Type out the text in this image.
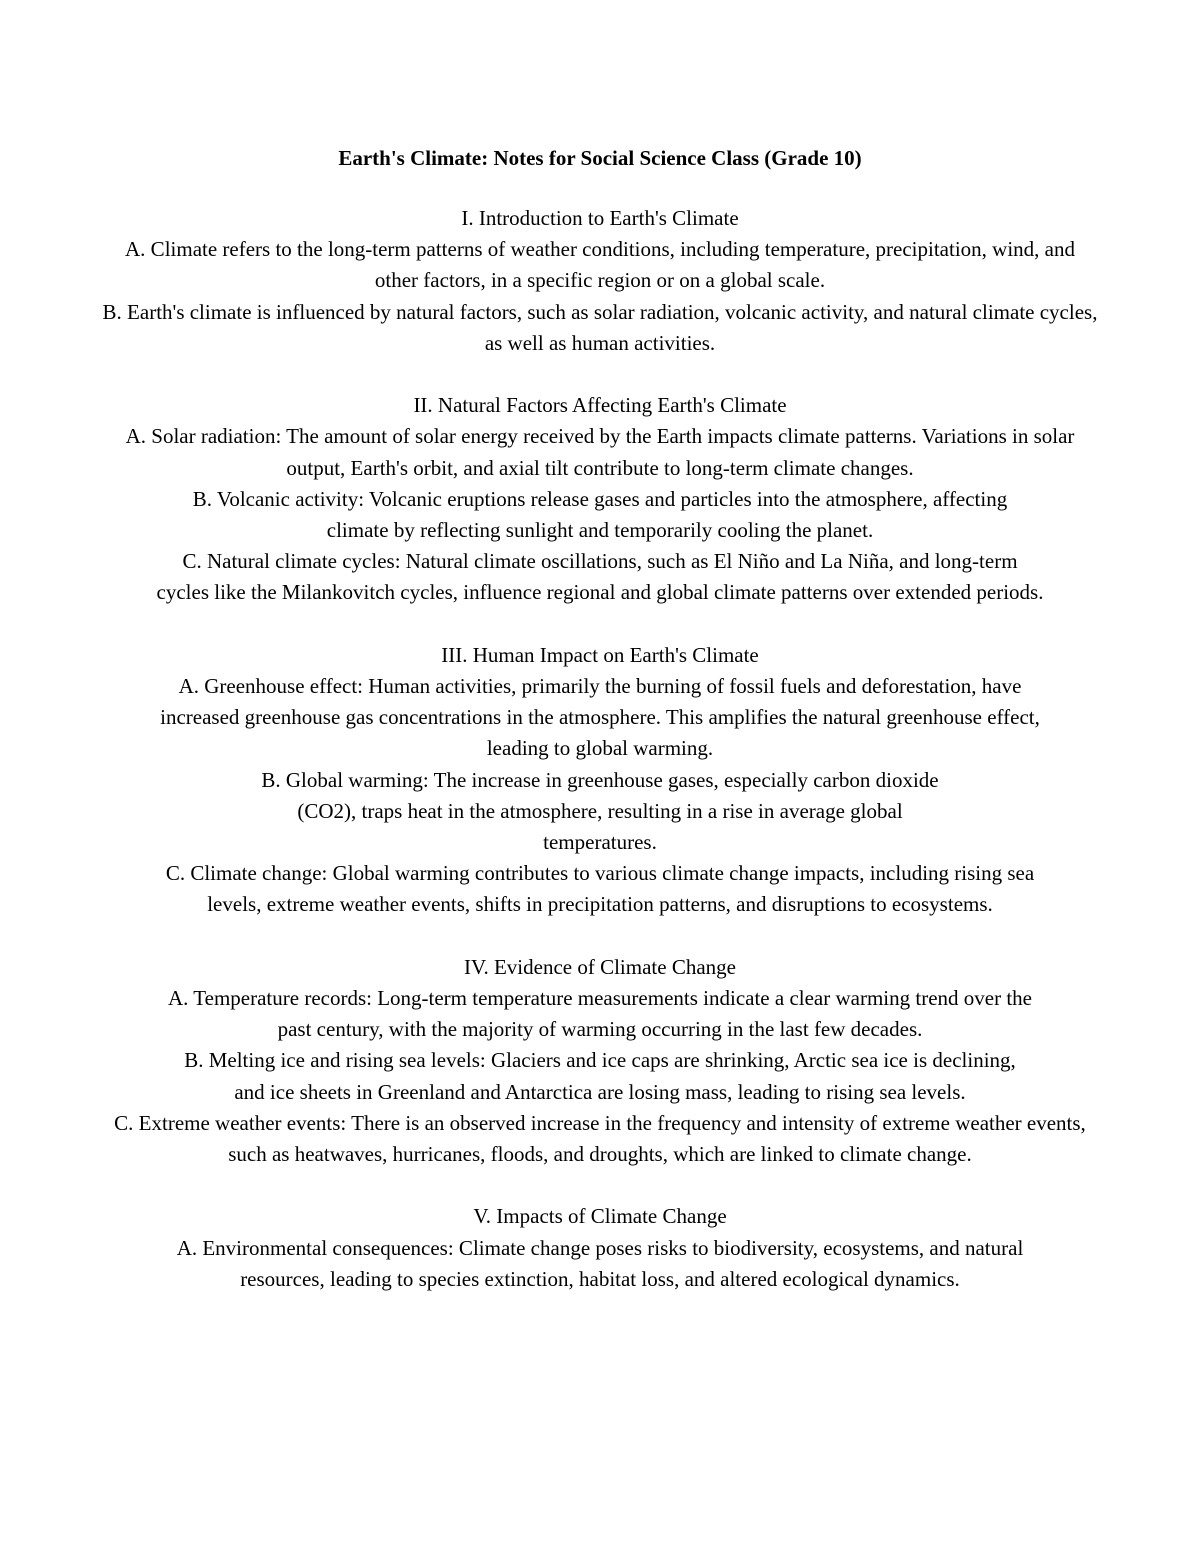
Earth's Climate: Notes for Social Science Class (Grade 10)

I. Introduction to Earth's Climate

A. Climate refers to the long-term patterns of weather conditions, including temperature, precipitation, wind, and other factors, in a specific region or on a global scale.

B. Earth's climate is influenced by natural factors, such as solar radiation, volcanic activity, and natural climate cycles, as well as human activities.

II. Natural Factors Affecting Earth's Climate

A. Solar radiation: The amount of solar energy received by the Earth impacts climate patterns. Variations in solar output, Earth's orbit, and axial tilt contribute to long-term climate changes.

B. Volcanic activity: Volcanic eruptions release gases and particles into the atmosphere, affecting climate by reflecting sunlight and temporarily cooling the planet.

C. Natural climate cycles: Natural climate oscillations, such as El Niño and La Niña, and long-term cycles like the Milankovitch cycles, influence regional and global climate patterns over extended periods.

III. Human Impact on Earth's Climate

A. Greenhouse effect: Human activities, primarily the burning of fossil fuels and deforestation, have increased greenhouse gas concentrations in the atmosphere. This amplifies the natural greenhouse effect, leading to global warming.

B. Global warming: The increase in greenhouse gases, especially carbon dioxide (CO2), traps heat in the atmosphere, resulting in a rise in average global temperatures.

C. Climate change: Global warming contributes to various climate change impacts, including rising sea levels, extreme weather events, shifts in precipitation patterns, and disruptions to ecosystems.

IV. Evidence of Climate Change

A. Temperature records: Long-term temperature measurements indicate a clear warming trend over the past century, with the majority of warming occurring in the last few decades.

B. Melting ice and rising sea levels: Glaciers and ice caps are shrinking, Arctic sea ice is declining, and ice sheets in Greenland and Antarctica are losing mass, leading to rising sea levels.

C. Extreme weather events: There is an observed increase in the frequency and intensity of extreme weather events, such as heatwaves, hurricanes, floods, and droughts, which are linked to climate change.

V. Impacts of Climate Change

A. Environmental consequences: Climate change poses risks to biodiversity, ecosystems, and natural resources, leading to species extinction, habitat loss, and altered ecological dynamics.
